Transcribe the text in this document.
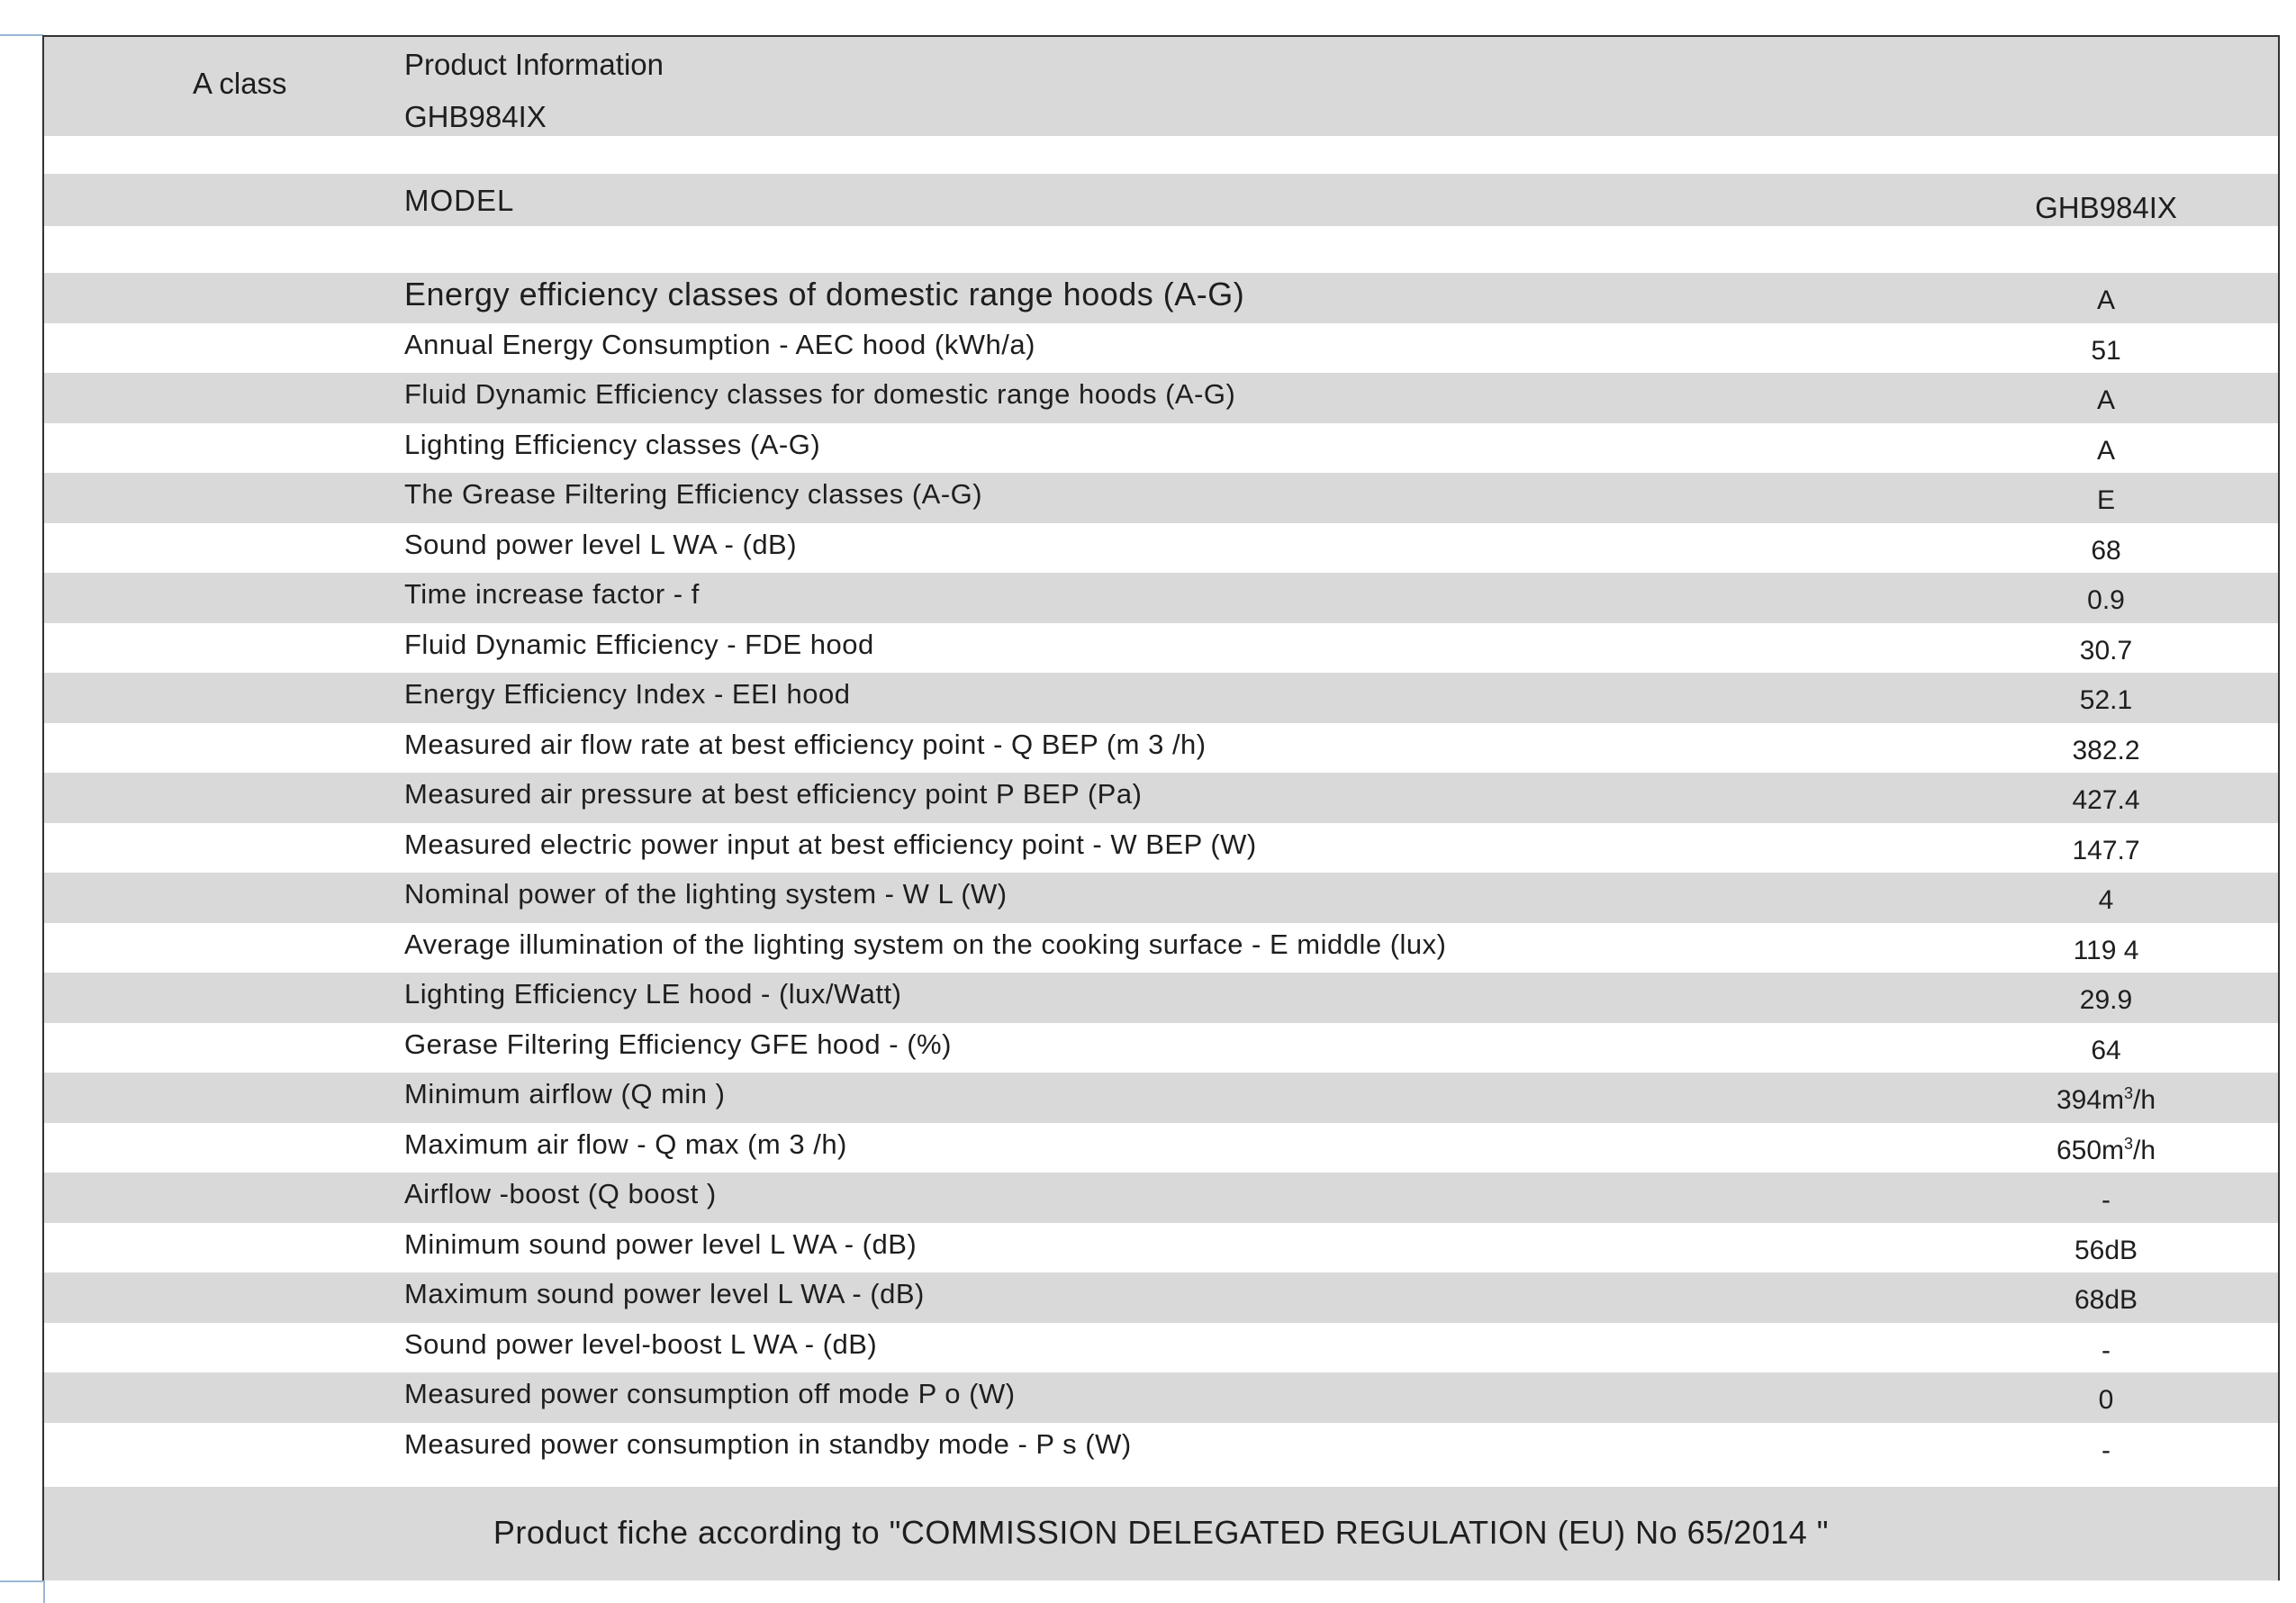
A class
Product Information
GHB984IX
MODEL	GHB984IX
Energy efficiency classes of domestic range hoods (A-G)	A
Annual Energy Consumption - AEC hood (kWh/a)	51
Fluid Dynamic Efficiency classes for domestic range hoods (A-G)	A
Lighting Efficiency classes (A-G)	A
The Grease Filtering Efficiency classes (A-G)	E
Sound power level L WA - (dB)	68
Time increase factor - f	0.9
Fluid Dynamic Efficiency - FDE hood	30.7
Energy Efficiency Index - EEI hood	52.1
Measured air flow rate at best efficiency point - Q BEP (m 3 /h)	382.2
Measured air pressure at best efficiency point P BEP (Pa)	427.4
Measured electric power input at best efficiency point - W BEP (W)	147.7
Nominal power of the lighting system - W L (W)	4
Average illumination of the lighting system on the cooking surface - E middle (lux)	119 4
Lighting Efficiency LE hood - (lux/Watt)	29.9
Gerase Filtering Efficiency GFE hood - (%)	64
Minimum airflow (Q min )	$394m^3/h$
Maximum air flow - Q max (m 3 /h)	$650m^3/h$
Airflow -boost (Q boost )	-
Minimum sound power level L WA - (dB)	56dB
Maximum sound power level L WA - (dB)	68dB
Sound power level-boost L WA - (dB)	-
Measured power consumption off mode P o (W)	0
Measured power consumption in standby mode - P s (W)	-
Product fiche according to "COMMISSION DELEGATED REGULATION (EU) No 65/2014 "
